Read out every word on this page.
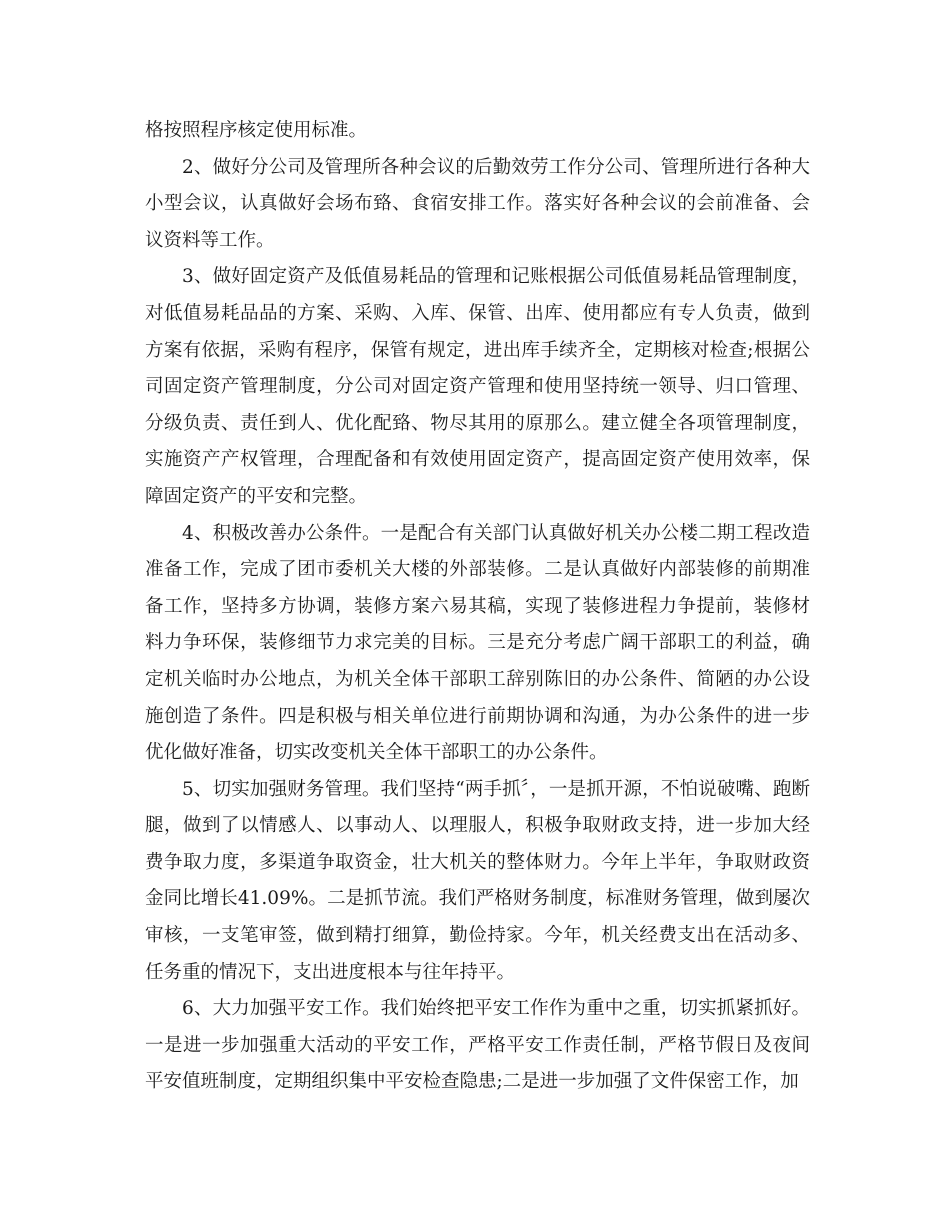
格按照程序核定使用标准。

2、做好分公司及管理所各种会议的后勤效劳工作分公司、管理所进行各种大小型会议，认真做好会场布臵、食宿安排工作。落实好各种会议的会前准备、会议资料等工作。

3、做好固定资产及低值易耗品的管理和记账根据公司低值易耗品管理制度，对低值易耗品品的方案、采购、入库、保管、出库、使用都应有专人负责，做到方案有依据，采购有程序，保管有规定，进出库手续齐全，定期核对检查;根据公司固定资产管理制度，分公司对固定资产管理和使用坚持统一领导、归口管理、分级负责、责任到人、优化配臵、物尽其用的原那么。建立健全各项管理制度，实施资产产权管理，合理配备和有效使用固定资产，提高固定资产使用效率，保障固定资产的平安和完整。

4、积极改善办公条件。一是配合有关部门认真做好机关办公楼二期工程改造准备工作，完成了团市委机关大楼的外部装修。二是认真做好内部装修的前期准备工作，坚持多方协调，装修方案六易其稿，实现了装修进程力争提前，装修材料力争环保，装修细节力求完美的目标。三是充分考虑广阔干部职工的利益，确定机关临时办公地点，为机关全体干部职工辞别陈旧的办公条件、简陋的办公设施创造了条件。四是积极与相关单位进行前期协调和沟通，为办公条件的进一步优化做好准备，切实改变机关全体干部职工的办公条件。

5、切实加强财务管理。我们坚持“两手抓〞，一是抓开源，不怕说破嘴、跑断腿，做到了以情感人、以事动人、以理服人，积极争取财政支持，进一步加大经费争取力度，多渠道争取资金，壮大机关的整体财力。今年上半年，争取财政资金同比增长41.09%。二是抓节流。我们严格财务制度，标准财务管理，做到屡次审核，一支笔审签，做到精打细算，勤俭持家。今年，机关经费支出在活动多、任务重的情况下，支出进度根本与往年持平。

6、大力加强平安工作。我们始终把平安工作作为重中之重，切实抓紧抓好。一是进一步加强重大活动的平安工作，严格平安工作责任制，严格节假日及夜间平安值班制度，定期组织集中平安检查隐患;二是进一步加强了文件保密工作，加
